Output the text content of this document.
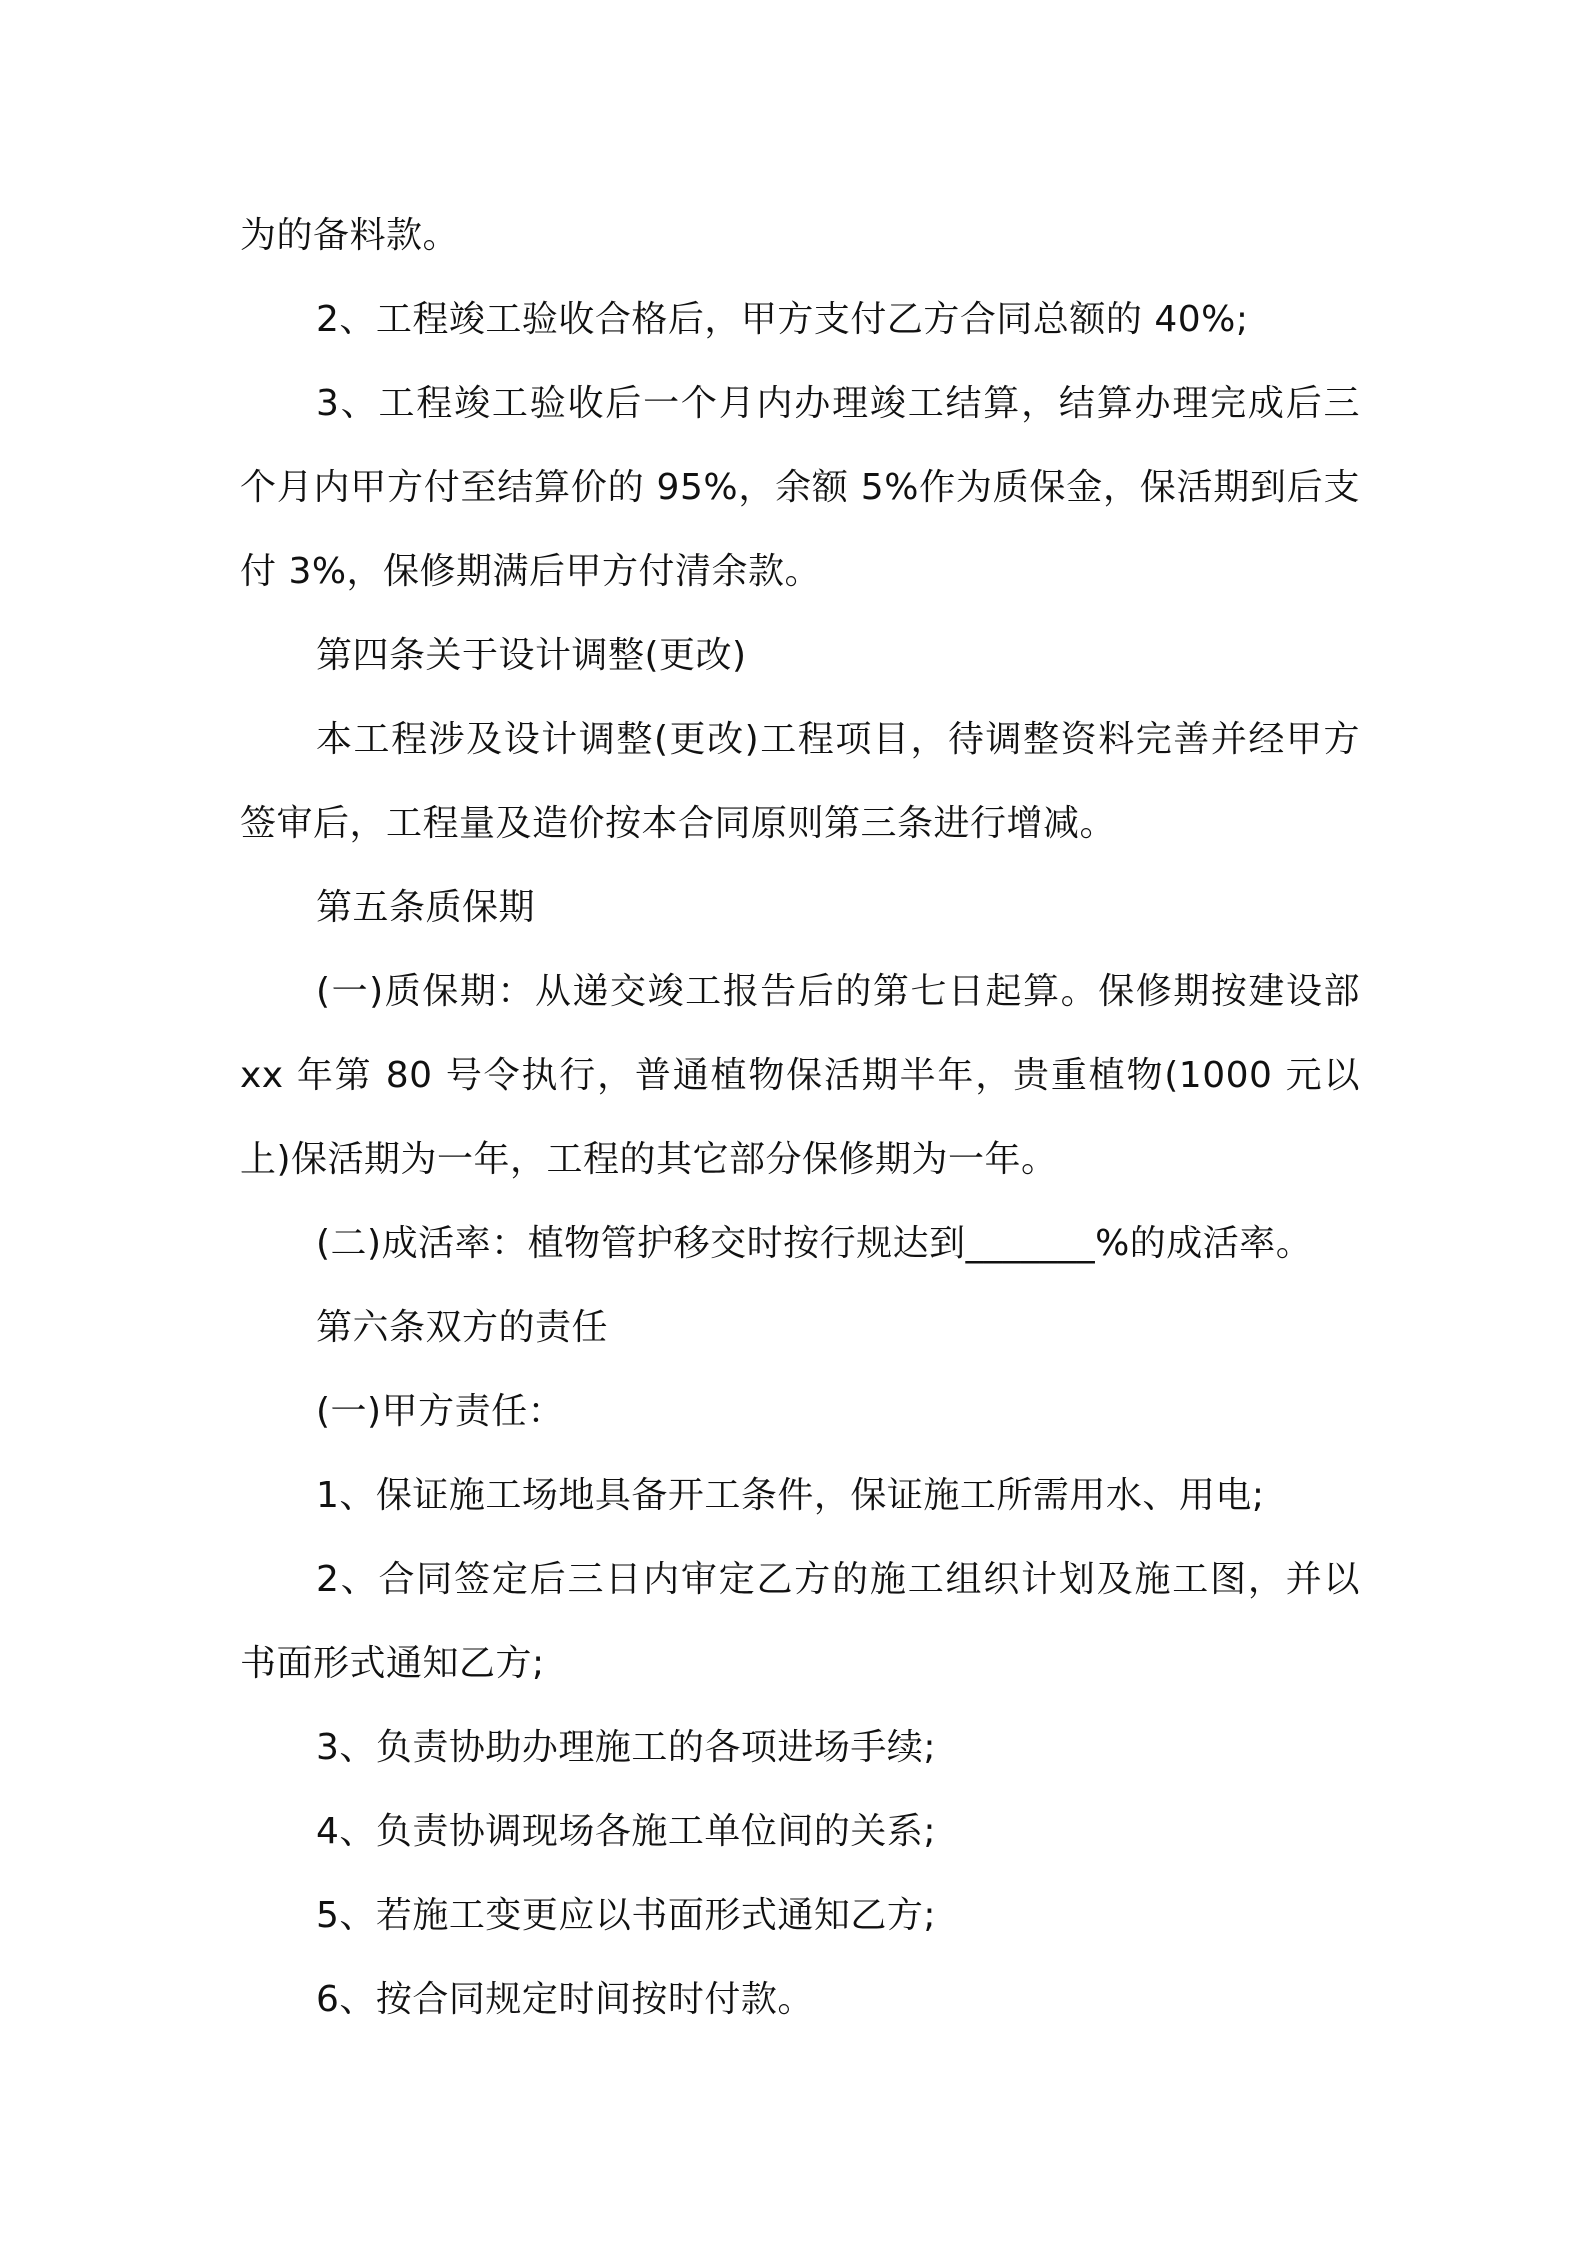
为的备料款。

2、工程竣工验收合格后，甲方支付乙方合同总额的 40%;

3、工程竣工验收后一个月内办理竣工结算，结算办理完成后三个月内甲方付至结算价的 95%，余额 5%作为质保金，保活期到后支付 3%，保修期满后甲方付清余款。

第四条关于设计调整(更改)

本工程涉及设计调整(更改)工程项目，待调整资料完善并经甲方签审后，工程量及造价按本合同原则第三条进行增减。

第五条质保期

(一)质保期：从递交竣工报告后的第七日起算。保修期按建设部 xx 年第 80 号令执行，普通植物保活期半年，贵重植物(1000 元以上)保活期为一年，工程的其它部分保修期为一年。

(二)成活率：植物管护移交时按行规达到_______%的成活率。

第六条双方的责任

(一)甲方责任：

1、保证施工场地具备开工条件，保证施工所需用水、用电;

2、合同签定后三日内审定乙方的施工组织计划及施工图，并以书面形式通知乙方;

3、负责协助办理施工的各项进场手续;

4、负责协调现场各施工单位间的关系;

5、若施工变更应以书面形式通知乙方;

6、按合同规定时间按时付款。
